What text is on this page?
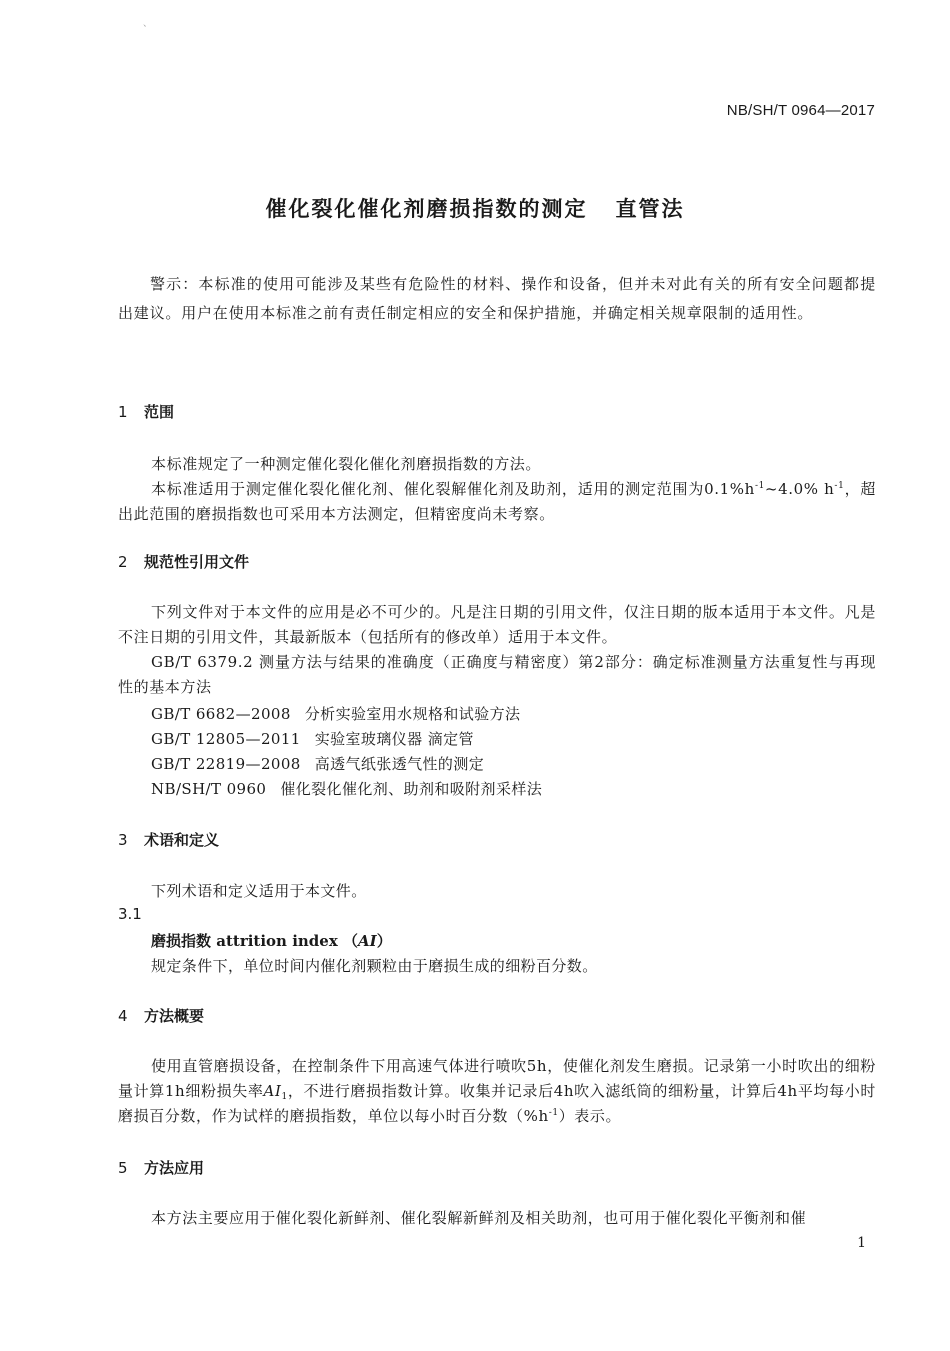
、
NB/SH/T 0964—2017
催化裂化催化剂磨损指数的测定 直管法
警示：本标准的使用可能涉及某些有危险性的材料、操作和设备，但并未对此有关的所有安全问题都提出建议。用户在使用本标准之前有责任制定相应的安全和保护措施，并确定相关规章限制的适用性。
1 范围
本标准规定了一种测定催化裂化催化剂磨损指数的方法。
本标准适用于测定催化裂化催化剂、催化裂解催化剂及助剂，适用的测定范围为$0.1\%h^{-1}\sim 4.0\%$ $h^{-1}$，超出此范围的磨损指数也可采用本方法测定，但精密度尚未考察。
2 规范性引用文件
下列文件对于本文件的应用是必不可少的。凡是注日期的引用文件，仅注日期的版本适用于本文件。凡是不注日期的引用文件，其最新版本（包括所有的修改单）适用于本文件。
GB/T 6379.2 测量方法与结果的准确度（正确度与精密度）第2部分：确定标准测量方法重复性与再现性的基本方法
GB/T 6682—2008 分析实验室用水规格和试验方法
GB/T 12805—2011 实验室玻璃仪器 滴定管
GB/T 22819—2008 高透气纸张透气性的测定
NB/SH/T 0960 催化裂化催化剂、助剂和吸附剂采样法
3 术语和定义
下列术语和定义适用于本文件。
3.1
磨损指数 attrition index （AI）
规定条件下，单位时间内催化剂颗粒由于磨损生成的细粉百分数。
4 方法概要
使用直管磨损设备，在控制条件下用高速气体进行喷吹5h，使催化剂发生磨损。记录第一小时吹出的细粉量计算1h细粉损失率$AI_1$，不进行磨损指数计算。收集并记录后4h吹入滤纸筒的细粉量，计算后4h平均每小时磨损百分数，作为试样的磨损指数，单位以每小时百分数$(\%h^{-1})$表示。
5 方法应用
本方法主要应用于催化裂化新鲜剂、催化裂解新鲜剂及相关助剂，也可用于催化裂化平衡剂和催
1
